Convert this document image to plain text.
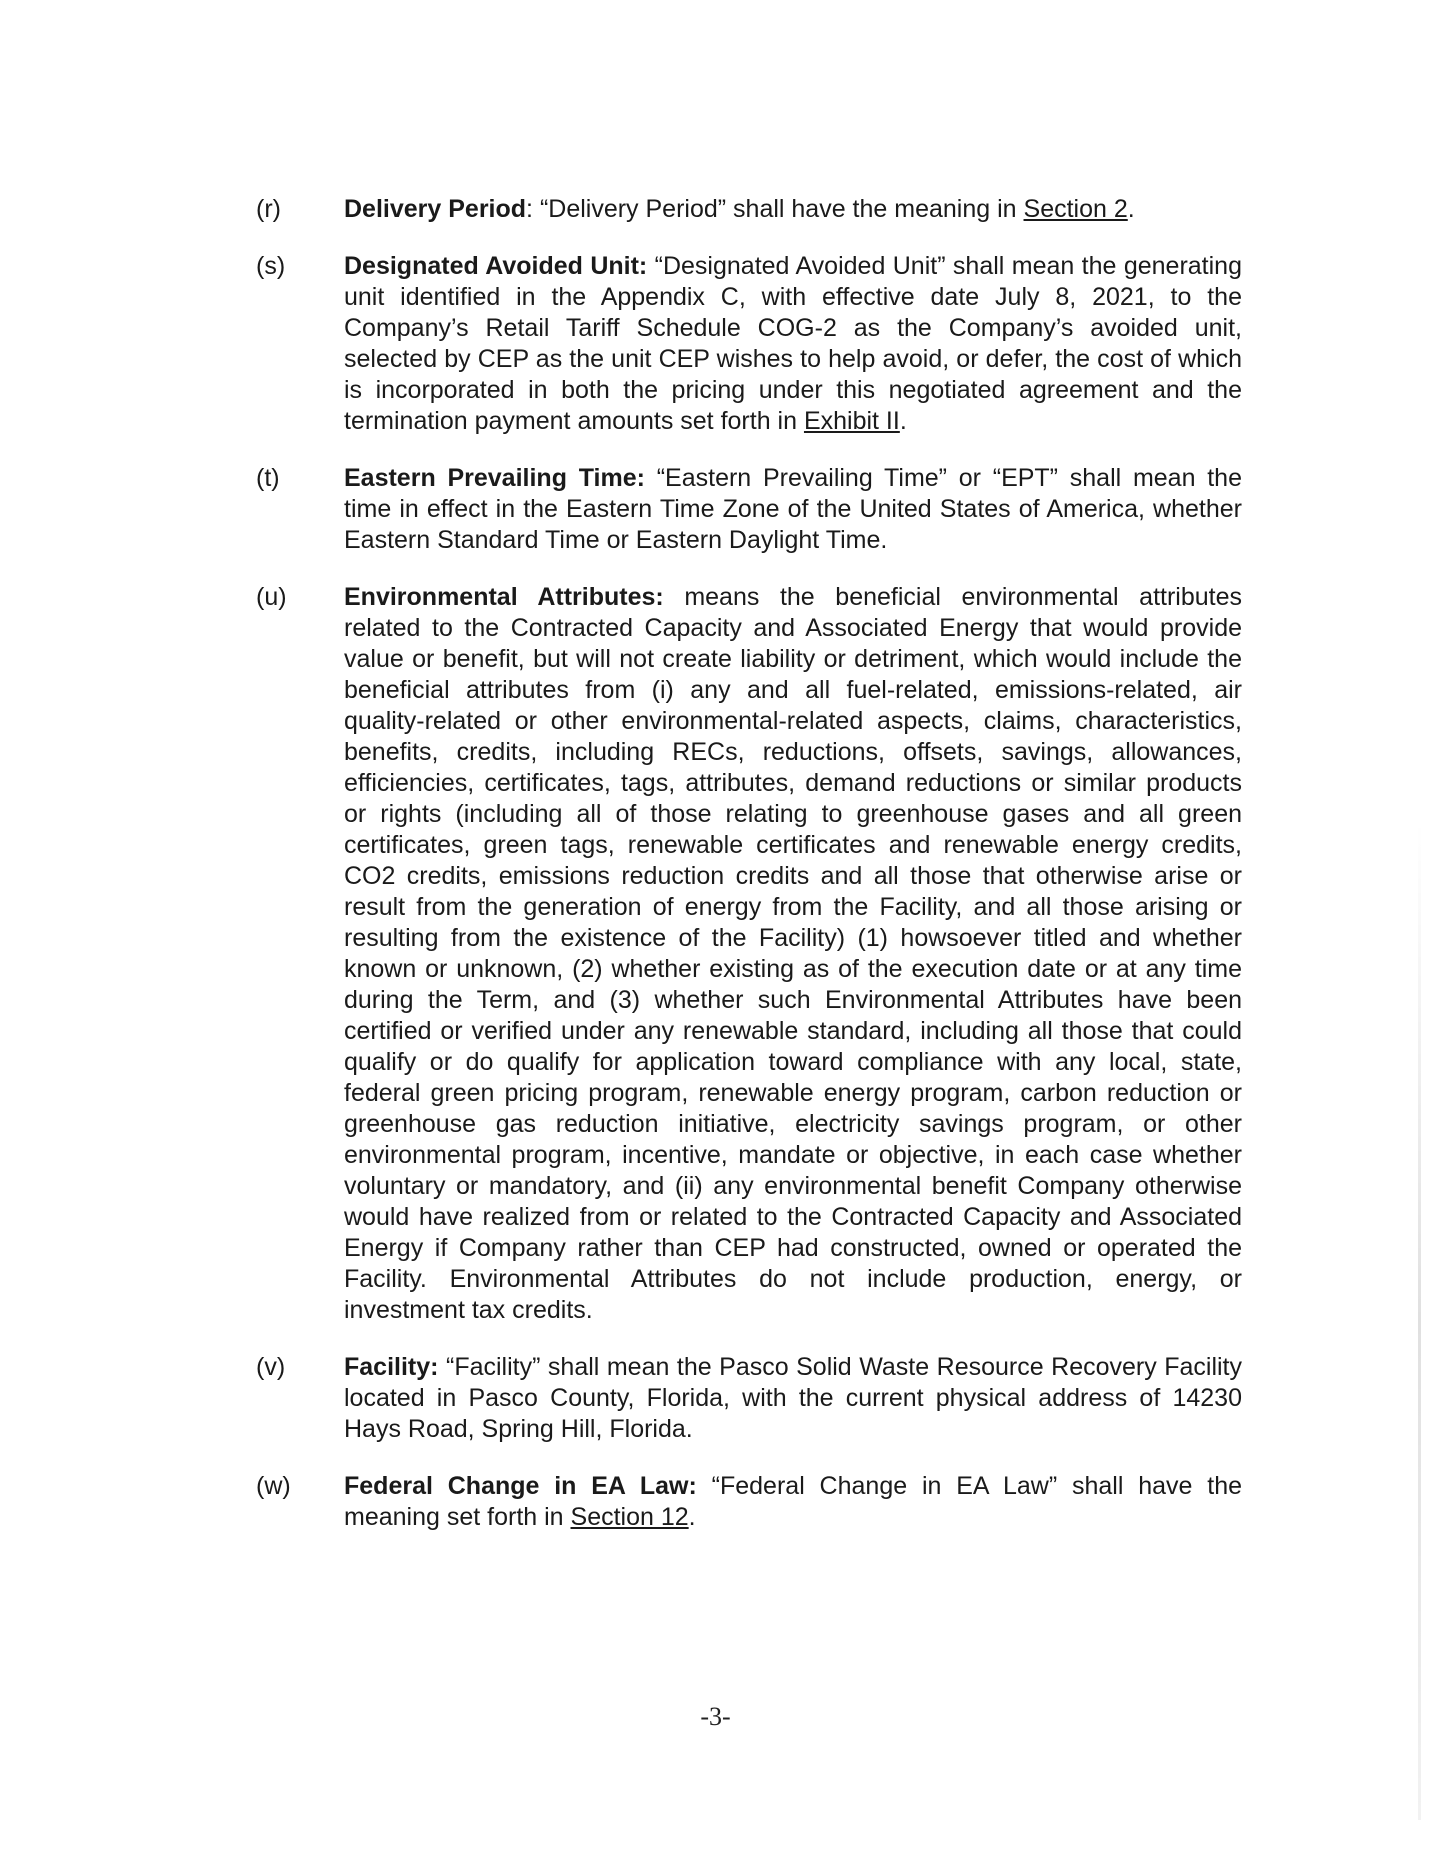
(r)	Delivery Period: “Delivery Period” shall have the meaning in Section 2.
(s)	Designated Avoided Unit: “Designated Avoided Unit” shall mean the generating unit identified in the Appendix C, with effective date July 8, 2021, to the Company’s Retail Tariff Schedule COG-2 as the Company’s avoided unit, selected by CEP as the unit CEP wishes to help avoid, or defer, the cost of which is incorporated in both the pricing under this negotiated agreement and the termination payment amounts set forth in Exhibit II.
(t)	Eastern Prevailing Time: “Eastern Prevailing Time” or “EPT” shall mean the time in effect in the Eastern Time Zone of the United States of America, whether Eastern Standard Time or Eastern Daylight Time.
(u)	Environmental Attributes: means the beneficial environmental attributes related to the Contracted Capacity and Associated Energy that would provide value or benefit, but will not create liability or detriment, which would include the beneficial attributes from (i) any and all fuel-related, emissions-related, air quality-related or other environmental-related aspects, claims, characteristics, benefits, credits, including RECs, reductions, offsets, savings, allowances, efficiencies, certificates, tags, attributes, demand reductions or similar products or rights (including all of those relating to greenhouse gases and all green certificates, green tags, renewable certificates and renewable energy credits, CO2 credits, emissions reduction credits and all those that otherwise arise or result from the generation of energy from the Facility, and all those arising or resulting from the existence of the Facility) (1) howsoever titled and whether known or unknown, (2) whether existing as of the execution date or at any time during the Term, and (3) whether such Environmental Attributes have been certified or verified under any renewable standard, including all those that could qualify or do qualify for application toward compliance with any local, state, federal green pricing program, renewable energy program, carbon reduction or greenhouse gas reduction initiative, electricity savings program, or other environmental program, incentive, mandate or objective, in each case whether voluntary or mandatory, and (ii) any environmental benefit Company otherwise would have realized from or related to the Contracted Capacity and Associated Energy if Company rather than CEP had constructed, owned or operated the Facility. Environmental Attributes do not include production, energy, or investment tax credits.
(v)	Facility: “Facility” shall mean the Pasco Solid Waste Resource Recovery Facility located in Pasco County, Florida, with the current physical address of 14230 Hays Road, Spring Hill, Florida.
(w)	Federal Change in EA Law: “Federal Change in EA Law” shall have the meaning set forth in Section 12.
-3-
